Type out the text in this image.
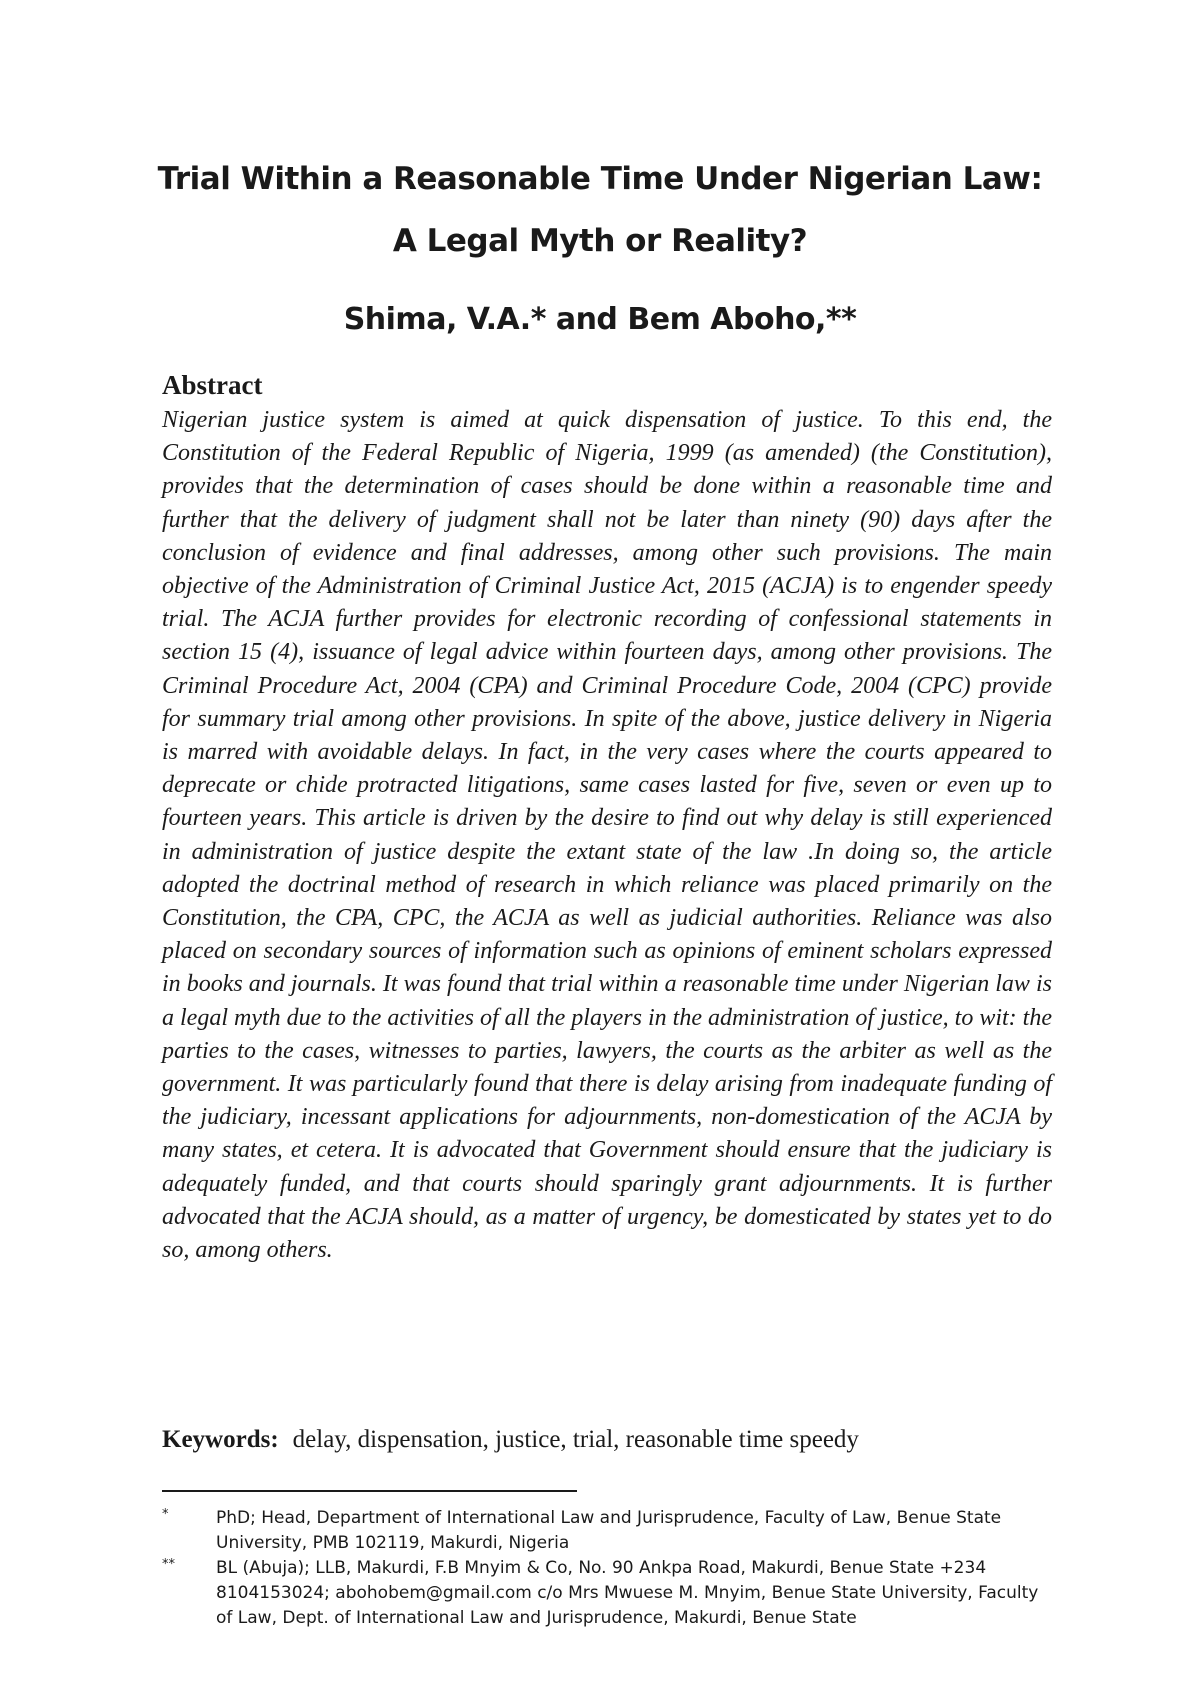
Trial Within a Reasonable Time Under Nigerian Law:
A Legal Myth or Reality?

Shima, V.A.* and Bem Aboho,**

Abstract

Nigerian justice system is aimed at quick dispensation of justice. To this end, the Constitution of the Federal Republic of Nigeria, 1999 (as amended) (the Constitution), provides that the determination of cases should be done within a reasonable time and further that the delivery of judgment shall not be later than ninety (90) days after the conclusion of evidence and final addresses, among other such provisions. The main objective of the Administration of Criminal Justice Act, 2015 (ACJA) is to engender speedy trial. The ACJA further provides for electronic recording of confessional statements in section 15 (4), issuance of legal advice within fourteen days, among other provisions. The Criminal Procedure Act, 2004 (CPA) and Criminal Procedure Code, 2004 (CPC) provide for summary trial among other provisions. In spite of the above, justice delivery in Nigeria is marred with avoidable delays. In fact, in the very cases where the courts appeared to deprecate or chide protracted litigations, same cases lasted for five, seven or even up to fourteen years. This article is driven by the desire to find out why delay is still experienced in administration of justice despite the extant state of the law .In doing so, the article adopted the doctrinal method of research in which reliance was placed primarily on the Constitution, the CPA, CPC, the ACJA as well as judicial authorities. Reliance was also placed on secondary sources of information such as opinions of eminent scholars expressed in books and journals. It was found that trial within a reasonable time under Nigerian law is a legal myth due to the activities of all the players in the administration of justice, to wit: the parties to the cases, witnesses to parties, lawyers, the courts as the arbiter as well as the government. It was particularly found that there is delay arising from inadequate funding of the judiciary, incessant applications for adjournments, non-domestication of the ACJA by many states, et cetera. It is advocated that Government should ensure that the judiciary is adequately funded, and that courts should sparingly grant adjournments. It is further advocated that the ACJA should, as a matter of urgency, be domesticated by states yet to do so, among others.

Keywords: delay, dispensation, justice, trial, reasonable time speedy

*	PhD; Head, Department of International Law and Jurisprudence, Faculty of Law, Benue State University, PMB 102119, Makurdi, Nigeria
** BL (Abuja); LLB, Makurdi, F.B Mnyim & Co, No. 90 Ankpa Road, Makurdi, Benue State +234 8104153024; abohobem@gmail.com c/o Mrs Mwuese M. Mnyim, Benue State University, Faculty of Law, Dept. of International Law and Jurisprudence, Makurdi, Benue State
